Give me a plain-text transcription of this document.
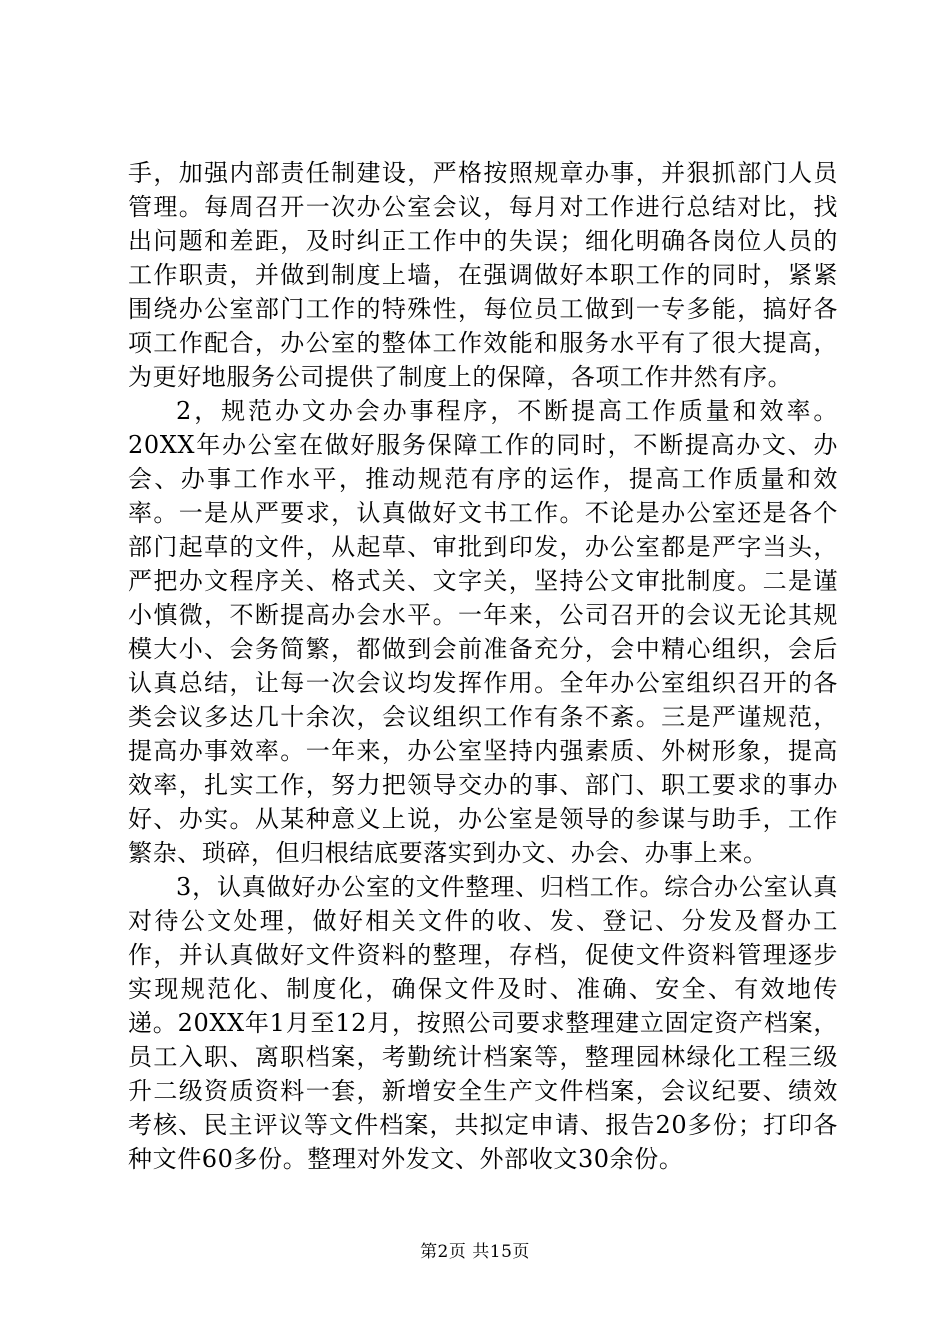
手，加强内部责任制建设，严格按照规章办事，并狠抓部门人员管理。每周召开一次办公室会议，每月对工作进行总结对比，找出问题和差距，及时纠正工作中的失误；细化明确各岗位人员的工作职责，并做到制度上墙，在强调做好本职工作的同时，紧紧围绕办公室部门工作的特殊性，每位员工做到一专多能，搞好各项工作配合，办公室的整体工作效能和服务水平有了很大提高，为更好地服务公司提供了制度上的保障，各项工作井然有序。

2，规范办文办会办事程序，不断提高工作质量和效率。20XX年办公室在做好服务保障工作的同时，不断提高办文、办会、办事工作水平，推动规范有序的运作，提高工作质量和效率。一是从严要求，认真做好文书工作。不论是办公室还是各个部门起草的文件，从起草、审批到印发，办公室都是严字当头，严把办文程序关、格式关、文字关，坚持公文审批制度。二是谨小慎微，不断提高办会水平。一年来，公司召开的会议无论其规模大小、会务简繁，都做到会前准备充分，会中精心组织，会后认真总结，让每一次会议均发挥作用。全年办公室组织召开的各类会议多达几十余次，会议组织工作有条不紊。三是严谨规范，提高办事效率。一年来，办公室坚持内强素质、外树形象，提高效率，扎实工作，努力把领导交办的事、部门、职工要求的事办好、办实。从某种意义上说，办公室是领导的参谋与助手，工作繁杂、琐碎，但归根结底要落实到办文、办会、办事上来。

3，认真做好办公室的文件整理、归档工作。综合办公室认真对待公文处理，做好相关文件的收、发、登记、分发及督办工作，并认真做好文件资料的整理，存档，促使文件资料管理逐步实现规范化、制度化，确保文件及时、准确、安全、有效地传递。20XX年1月至12月，按照公司要求整理建立固定资产档案，员工入职、离职档案，考勤统计档案等，整理园林绿化工程三级升二级资质资料一套，新增安全生产文件档案，会议纪要、绩效考核、民主评议等文件档案，共拟定申请、报告20多份；打印各种文件60多份。整理对外发文、外部收文30余份。

第2页 共15页
